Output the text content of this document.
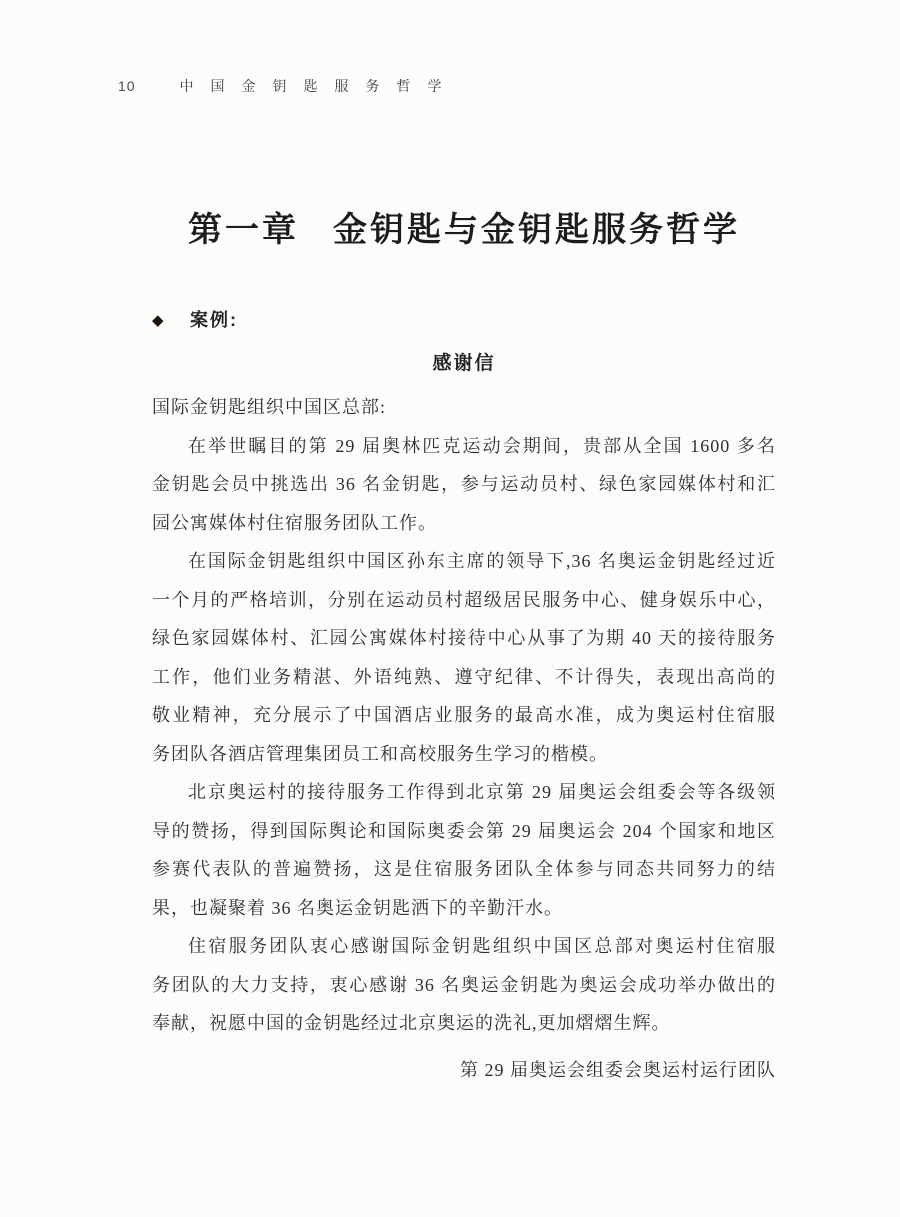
10	中国金钥匙服务哲学
第一章 金钥匙与金钥匙服务哲学
◆ 案例:
感谢信
国际金钥匙组织中国区总部:
在举世瞩目的第 29 届奥林匹克运动会期间，贵部从全国 1600 多名
金钥匙会员中挑选出 36 名金钥匙，参与运动员村、绿色家园媒体村和汇
园公寓媒体村住宿服务团队工作。
在国际金钥匙组织中国区孙东主席的领导下,36 名奥运金钥匙经过近
一个月的严格培训，分别在运动员村超级居民服务中心、健身娱乐中心，
绿色家园媒体村、汇园公寓媒体村接待中心从事了为期 40 天的接待服务
工作，他们业务精湛、外语纯熟、遵守纪律、不计得失，表现出高尚的
敬业精神，充分展示了中国酒店业服务的最高水准，成为奥运村住宿服
务团队各酒店管理集团员工和高校服务生学习的楷模。
北京奥运村的接待服务工作得到北京第 29 届奥运会组委会等各级领
导的赞扬，得到国际舆论和国际奥委会第 29 届奥运会 204 个国家和地区
参赛代表队的普遍赞扬，这是住宿服务团队全体参与同态共同努力的结
果，也凝聚着 36 名奥运金钥匙洒下的辛勤汗水。
住宿服务团队衷心感谢国际金钥匙组织中国区总部对奥运村住宿服
务团队的大力支持，衷心感谢 36 名奥运金钥匙为奥运会成功举办做出的
奉献，祝愿中国的金钥匙经过北京奥运的洗礼,更加熠熠生辉。
第 29 届奥运会组委会奥运村运行团队
